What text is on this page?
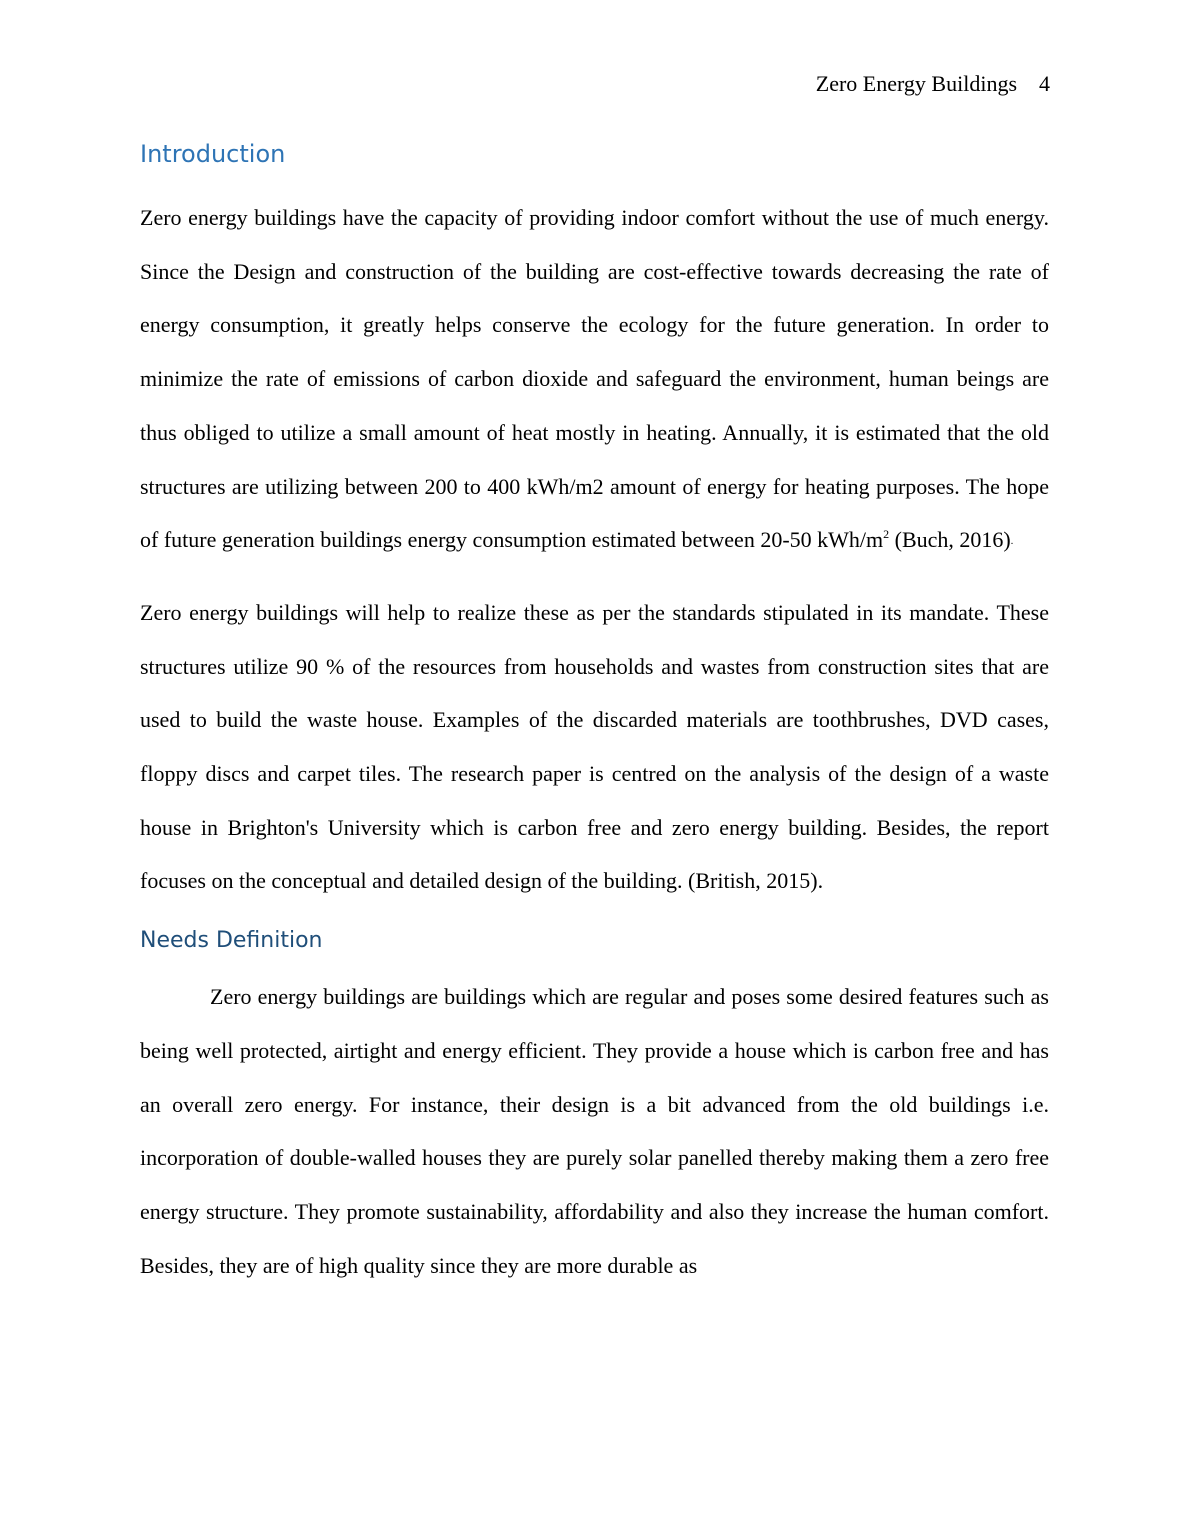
Zero Energy Buildings 4
Introduction

Zero energy buildings have the capacity of providing indoor comfort without the use of much energy. Since the Design and construction of the building are cost-effective towards decreasing the rate of energy consumption, it greatly helps conserve the ecology for the future generation. In order to minimize the rate of emissions of carbon dioxide and safeguard the environment, human beings are thus obliged to utilize a small amount of heat mostly in heating. Annually, it is estimated that the old structures are utilizing between 200 to 400 kWh/m2 amount of energy for heating purposes. The hope of future generation buildings energy consumption estimated between 20-50 kWh/$m^2$ (Buch, 2016).

Zero energy buildings will help to realize these as per the standards stipulated in its mandate. These structures utilize 90 % of the resources from households and wastes from construction sites that are used to build the waste house. Examples of the discarded materials are toothbrushes, DVD cases, floppy discs and carpet tiles. The research paper is centred on the analysis of the design of a waste house in Brighton's University which is carbon free and zero energy building. Besides, the report focuses on the conceptual and detailed design of the building. (British, 2015).

Needs Definition

Zero energy buildings are buildings which are regular and poses some desired features such as being well protected, airtight and energy efficient. They provide a house which is carbon free and has an overall zero energy. For instance, their design is a bit advanced from the old buildings i.e. incorporation of double-walled houses they are purely solar panelled thereby making them a zero free energy structure. They promote sustainability, affordability and also they increase the human comfort. Besides, they are of high quality since they are more durable as
